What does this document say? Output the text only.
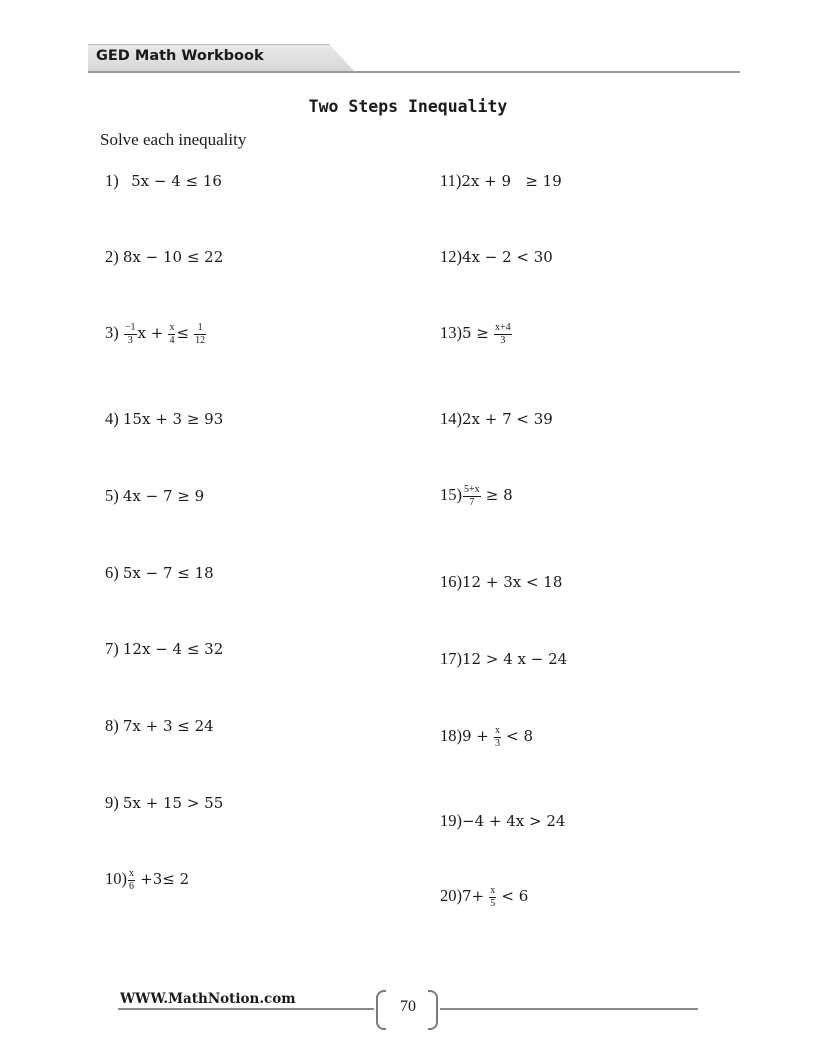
GED Math Workbook
Two Steps Inequality
Solve each inequality
1) 5x − 4 ≤ 16
2) 8x − 10 ≤ 22
$3) \frac{-1}{3}$ $x + \frac{x}{4} \le \frac{1}{12}$
4) 15x + 3 ≥ 93
5) 4x − 7 ≥ 9
6) 5x − 7 ≤ 18
7) 12x − 4 ≤ 32
8) 7x + 3 ≤ 24
9) 5x + 15 > 55
$10) \frac{x}{6} +3\le 2$
11)2x + 9   ≥ 19
12)4x − 2 < 30
$13)5 \ge \frac{x+4}{3}$
14)2x + 7 < 39
$15) \frac{5+x}{7} \ge 8$
16)12 + 3x < 18
17)12 > 4 x − 24
$18)9 + \frac{x}{3} < 8$
19)−4 + 4x > 24
$20)7+ \frac{x}{5} < 6$
WWW.MathNotion.com	70
